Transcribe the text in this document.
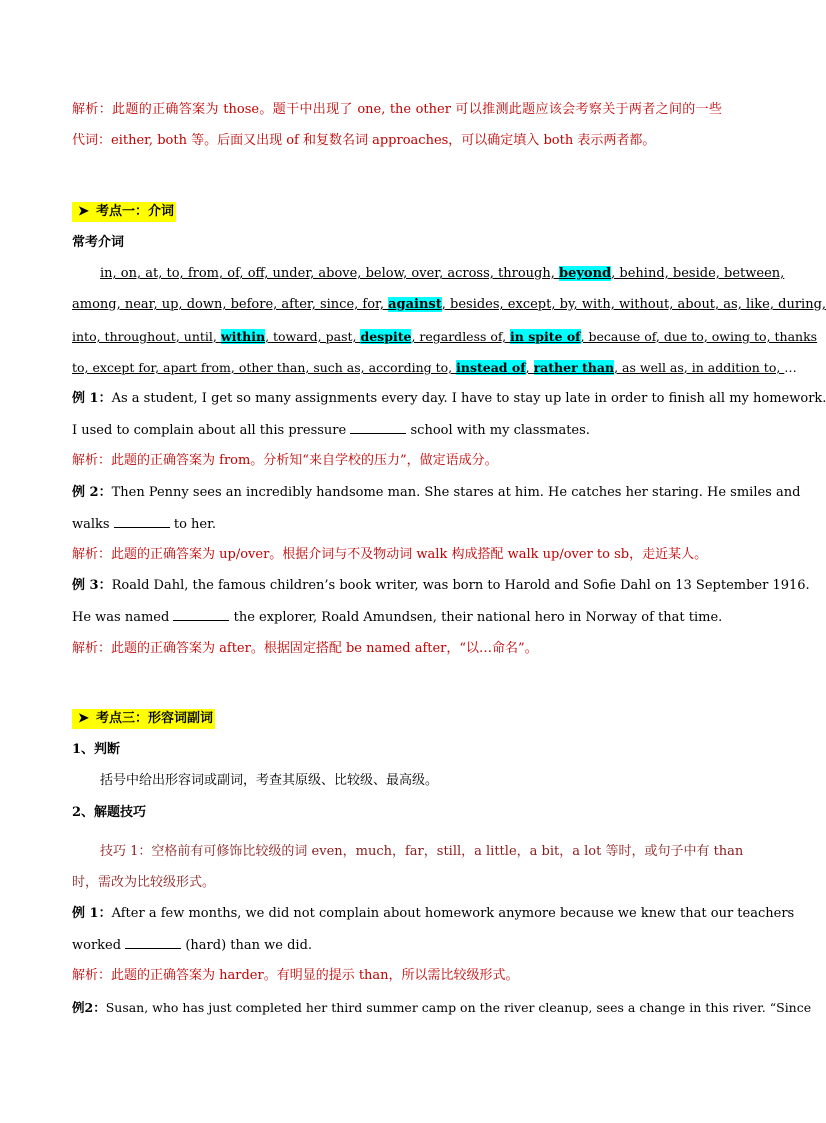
解析：此题的正确答案为 those。题干中出现了 one, the other 可以推测此题应该会考察关于两者之间的一些
代词：either, both 等。后面又出现 of 和复数名词 approaches，可以确定填入 both 表示两者都。
➤ 考点一：介词
常考介词
in, on, at, to, from, of, off, under, above, below, over, across, through, beyond, behind, beside, between,
among, near, up, down, before, after, since, for, against, besides, except, by, with, without, about, as, like, during,
into, throughout, until, within, toward, past, despite, regardless of, in spite of, because of, due to, owing to, thanks
to, except for, apart from, other than, such as, according to, instead of, rather than, as well as, in addition to, …
例 1：As a student, I get so many assignments every day. I have to stay up late in order to finish all my homework.
I used to complain about all this pressure	school with my classmates.
解析：此题的正确答案为 from。分析知“来自学校的压力”，做定语成分。
例 2：Then Penny sees an incredibly handsome man. She stares at him. He catches her staring. He smiles and
walks	to her.
解析：此题的正确答案为 up/over。根据介词与不及物动词 walk 构成搭配 walk up/over to sb，走近某人。
例 3：Roald Dahl, the famous children’s book writer, was born to Harold and Sofie Dahl on 13 September 1916.
He was named	the explorer, Roald Amundsen, their national hero in Norway of that time.
解析：此题的正确答案为 after。根据固定搭配 be named after，“以…命名”。
➤ 考点三：形容词副词
1、判断
括号中给出形容词或副词，考查其原级、比较级、最高级。
2、解题技巧
技巧 1：空格前有可修饰比较级的词 even，much，far，still，a little，a bit，a lot 等时，或句子中有 than
时，需改为比较级形式。
例 1：After a few months, we did not complain about homework anymore because we knew that our teachers
worked	(hard) than we did.
解析：此题的正确答案为 harder。有明显的提示 than，所以需比较级形式。
例2：Susan, who has just completed her third summer camp on the river cleanup, sees a change in this river. “Since
